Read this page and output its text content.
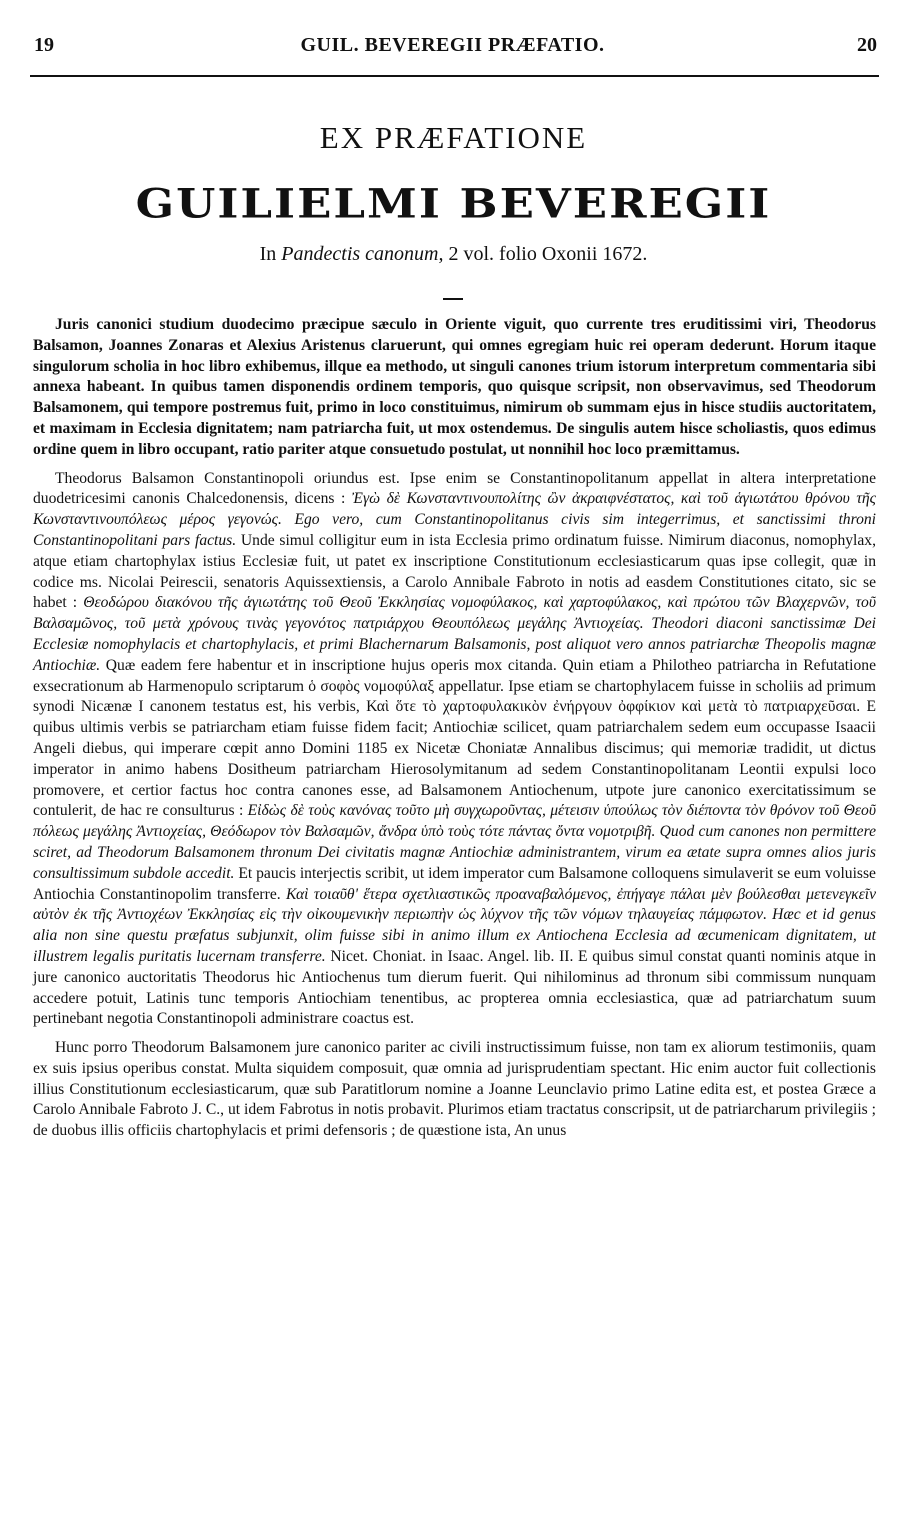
19	GUIL. BEVEREGII PRÆFATIO.	20
EX PRÆFATIONE
GUILIELMI BEVEREGII
In Pandectis canonum, 2 vol. folio Oxonii 1672.

Juris canonici studium duodecimo præcipue sæculo in Oriente viguit, quo currente tres eruditissimi viri, Theodorus Balsamon, Joannes Zonaras et Alexius Aristenus claruerunt, qui omnes egregiam huic rei operam dederunt. Horum itaque singulorum scholia in hoc libro exhibemus, illque ea methodo, ut singuli canones trium istorum interpretum commentaria sibi annexa habeant. In quibus tamen disponendis ordinem temporis, quo quisque scripsit, non observavimus, sed Theodorum Balsamonem, qui tempore postremus fuit, primo in loco constituimus, nimirum ob summam ejus in hisce studiis auctoritatem, et maximam in Ecclesia dignitatem; nam patriarcha fuit, ut mox ostendemus. De singulis autem hisce scholiastis, quos edimus ordine quem in libro occupant, ratio pariter atque consuetudo postulat, ut nonnihil hoc loco præmittamus.

Theodorus Balsamon Constantinopoli oriundus est. Ipse enim se Constantinopolitanum appellat in altera interpretatione duodetricesimi canonis Chalcedonensis, dicens : Ἐγὼ δὲ Κωνσταντινουπολίτης ὢν ἀκραιφνέστατος, καὶ τοῦ ἁγιωτάτου θρόνου τῆς Κωνσταντινουπόλεως μέρος γεγονώς. Ego vero, cum Constantinopolitanus civis sim integerrimus, et sanctissimi throni Constantinopolitani pars factus. Unde simul colligitur eum in ista Ecclesia primo ordinatum fuisse. Nimirum diaconus, nomophylax, atque etiam chartophylax istius Ecclesiæ fuit, ut patet ex inscriptione Constitutionum ecclesiasticarum quas ipse collegit, quæ in codice ms. Nicolai Peirescii, senatoris Aquissextiensis, a Carolo Annibale Fabroto in notis ad easdem Constitutiones citato, sic se habet : Θεοδώρου διακόνου τῆς ἁγιωτάτης τοῦ Θεοῦ Ἐκκλησίας νομοφύλακος, καὶ χαρτοφύλακος, καὶ πρώτου τῶν Βλαχερνῶν, τοῦ Βαλσαμῶνος, τοῦ μετὰ χρόνους τινὰς γεγονότος πατριάρχου Θεουπόλεως μεγάλης Ἀντιοχείας. Theodori diaconi sanctissimæ Dei Ecclesiæ nomophylacis et chartophylacis, et primi Blachernarum Balsamonis, post aliquot vero annos patriarchæ Theopolis magnæ Antiochiæ. Quæ eadem fere habentur et in inscriptione hujus operis mox citanda. Quin etiam a Philotheo patriarcha in Refutatione exsecrationum ab Harmenopulo scriptarum ὁ σοφὸς νομοφύλαξ appellatur. Ipse etiam se chartophylacem fuisse in scholiis ad primum synodi Nicænæ I canonem testatus est, his verbis, Καὶ ὅτε τὸ χαρτοφυλακικὸν ἐνήργουν ὀφφίκιον καὶ μετὰ τὸ πατριαρχεῦσαι. E quibus ultimis verbis se patriarcham etiam fuisse fidem facit; Antiochiæ scilicet, quam patriarchalem sedem eum occupasse Isaacii Angeli diebus, qui imperare cœpit anno Domini 1185 ex Nicetæ Choniatæ Annalibus discimus; qui memoriæ tradidit, ut dictus imperator in animo habens Dositheum patriarcham Hierosolymitanum ad sedem Constantinopolitanam Leontii expulsi loco promovere, et certior factus hoc contra canones esse, ad Balsamonem Antiochenum, utpote jure canonico exercitatissimum se contulerit, de hac re consulturus : Εἰδὼς δὲ τοὺς κανόνας τοῦτο μὴ συγχωροῦντας, μέτεισιν ὑπούλως τὸν διέποντα τὸν θρόνον τοῦ Θεοῦ πόλεως μεγάλης Ἀντιοχείας, Θεόδωρον τὸν Βαλσαμῶν, ἄνδρα ὑπὸ τοὺς τότε πάντας ὄντα νομοτριβῆ. Quod cum canones non permittere sciret, ad Theodorum Balsamonem thronum Dei civitatis magnæ Antiochiæ administrantem, virum ea ætate supra omnes alios juris consultissimum subdole accedit. Et paucis interjectis scribit, ut idem imperator cum Balsamone colloquens simulaverit se eum voluisse Antiochia Constantinopolim transferre. Καὶ τοιαῦθ' ἕτερα σχετλιαστικῶς προαναβαλόμενος, ἐπήγαγε πάλαι μὲν βούλεσθαι μετενεγκεῖν αὐτὸν ἐκ τῆς Ἀντιοχέων Ἐκκλησίας εἰς τὴν οἰκουμενικὴν περιωπὴν ὡς λύχνον τῆς τῶν νόμων τηλαυγείας πάμφωτον. Hæc et id genus alia non sine questu præfatus subjunxit, olim fuisse sibi in animo illum ex Antiochena Ecclesia ad œcumenicam dignitatem, ut illustrem legalis puritatis lucernam transferre. Nicet. Choniat. in Isaac. Angel. lib. II. E quibus simul constat quanti nominis atque in jure canonico auctoritatis Theodorus hic Antiochenus tum dierum fuerit. Qui nihilominus ad thronum sibi commissum nunquam accedere potuit, Latinis tunc temporis Antiochiam tenentibus, ac propterea omnia ecclesiastica, quæ ad patriarchatum suum pertinebant negotia Constantinopoli administrare coactus est.

Hunc porro Theodorum Balsamonem jure canonico pariter ac civili instructissimum fuisse, non tam ex aliorum testimoniis, quam ex suis ipsius operibus constat. Multa siquidem composuit, quæ omnia ad jurisprudentiam spectant. Hic enim auctor fuit collectionis illius Constitutionum ecclesiasticarum, quæ sub Paratitlorum nomine a Joanne Leunclavio primo Latine edita est, et postea Græce a Carolo Annibale Fabroto J. C., ut idem Fabrotus in notis probavit. Plurimos etiam tractatus conscripsit, ut de patriarcharum privilegiis ; de duobus illis officiis chartophylacis et primi defensoris ; de quæstione ista, An unus
